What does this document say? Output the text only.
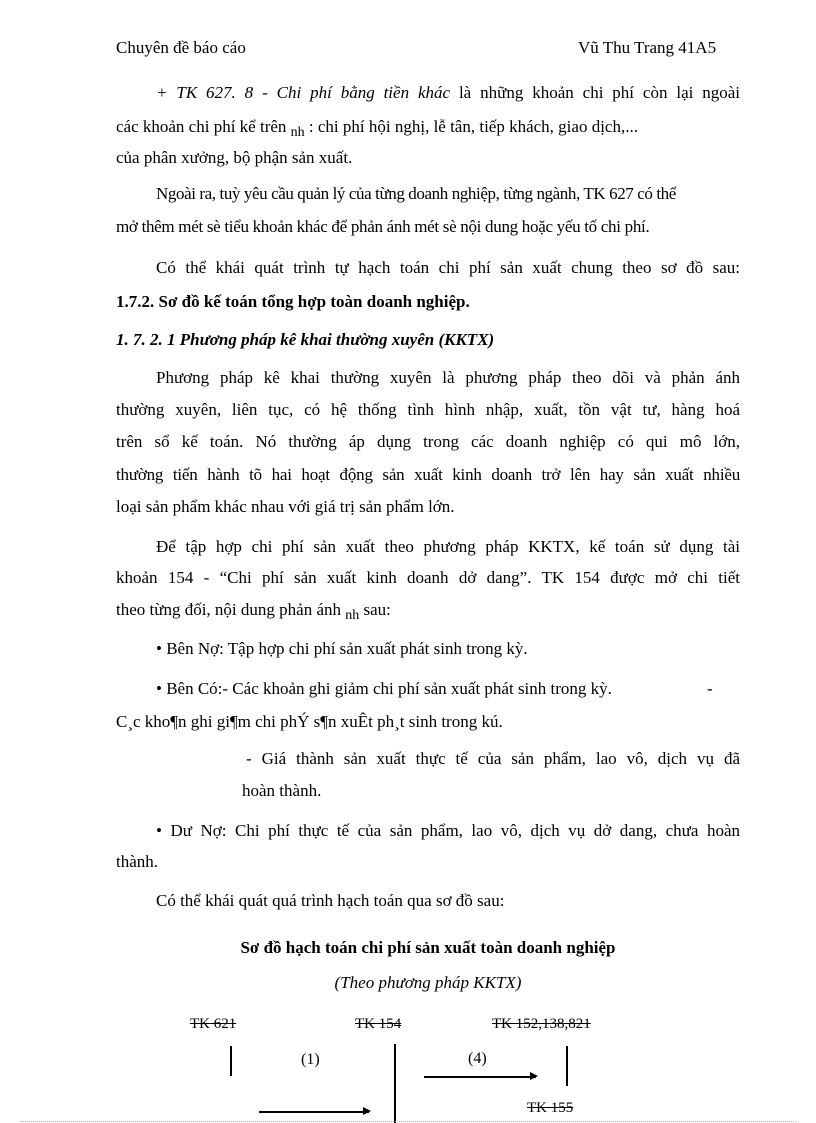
Chuyên đề báo cáo	Vũ Thu Trang 41A5
+ TK 627. 8 - Chi phí bằng tiền khác là những khoản chi phí còn lại ngoài
các khoản chi phí kể trên $_{nh}$ : chi phí hội nghị, lễ tân, tiếp khách, giao dịch,...
của phân xưởng, bộ phận sản xuất.
Ngoài ra, tuỳ yêu cầu quản lý của từng doanh nghiệp, từng ngành, TK 627 có thể
mở thêm mét sè tiểu khoản khác để phản ánh mét sè nội dung hoặc yếu tố chi phí.
Có thể khái quát trình tự hạch toán chi phí sản xuất chung theo sơ đồ sau:
1.7.2. Sơ đồ kế toán tổng hợp toàn doanh nghiệp.
1. 7. 2. 1 Phương pháp kê khai thường xuyên (KKTX)
Phương pháp kê khai thường xuyên là phương pháp theo dõi và phản ánh
thường xuyên, liên tục, có hệ thống tình hình nhập, xuất, tồn vật tư, hàng hoá
trên sổ kế toán. Nó thường áp dụng trong các doanh nghiệp có qui mô lớn,
thường tiến hành tõ hai hoạt động sản xuất kinh doanh trở lên hay sản xuất nhiều
loại sản phẩm khác nhau với giá trị sản phẩm lớn.
Để tập hợp chi phí sản xuất theo phương pháp KKTX, kế toán sử dụng tài
khoản 154 - “Chi phí sản xuất kinh doanh dở dang”. TK 154 được mở chi tiết
theo từng đối, nội dung phản ánh $_{nh}$ sau:
• Bên Nợ: Tập hợp chi phí sản xuất phát sinh trong kỳ.
• Bên Có:- Các khoản ghi giảm chi phí sản xuất phát sinh trong kỳ.	-
C¸c kho¶n ghi gi¶m chi phÝ s¶n xuÊt ph¸t sinh trong kú.
- Giá thành sản xuất thực tế của sản phẩm, lao vô, dịch vụ đã
hoàn thành.
• Dư Nợ: Chi phí thực tế của sản phẩm, lao vô, dịch vụ dở dang, chưa hoàn
thành.
Có thể khái quát quá trình hạch toán qua sơ đồ sau:
Sơ đồ hạch toán chi phí sản xuất toàn doanh nghiệp
(Theo phương pháp KKTX)
TK 621	TK 154	TK 152,138,821
(1)	(4)
TK 155
